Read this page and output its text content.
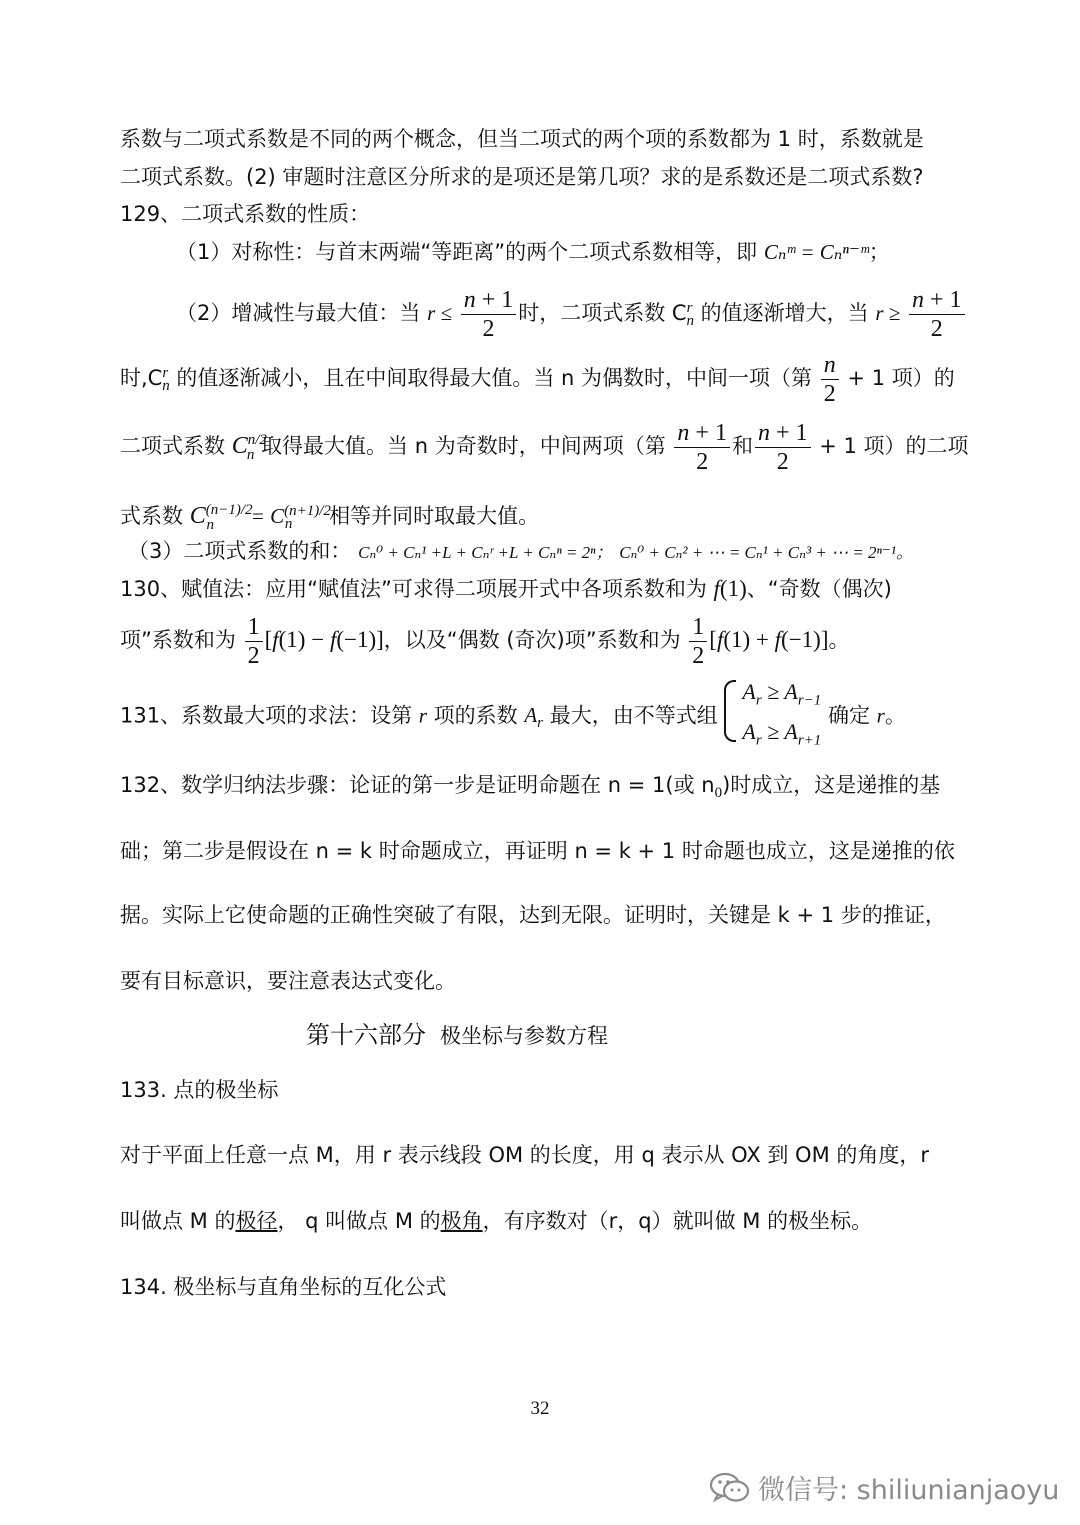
系数与二项式系数是不同的两个概念，但当二项式的两个项的系数都为 1 时，系数就是
二项式系数。(2) 审题时注意区分所求的是项还是第几项？求的是系数还是二项式系数?
129、二项式系数的性质：
（1）对称性：与首末两端“等距离”的两个二项式系数相等，即 Cₙᵐ = Cₙⁿ⁻ᵐ；
（2）增减性与最大值：当 $r \le \frac{n + 1}{2}$ 时，二项式系数 $C^r_n$ 的值逐渐增大，当 $r \ge \frac{n + 1}{2}$
时$,C^r_n$ 的值逐渐减小，且在中间取得最大值。当 n 为偶数时，中间一项（第 $\frac{n}{2} + 1$ 项）的
二项式系数 $C^{n/2}_n$ 取得最大值。当 n 为奇数时，中间两项（第 $\frac{n + 1}{2}$ 和 $\frac{n + 1}{2} + 1$ 项）的二项
式系数 $C^{(n-1)/2}_n = C^{(n+1)/2}_n$ 相等并同时取最大值。
（3）二项式系数的和： Cₙ⁰ + Cₙ¹ +L + Cₙʳ +L + Cₙⁿ = 2ⁿ； Cₙ⁰ + Cₙ² + ⋯ = Cₙ¹ + Cₙ³ + ⋯ = 2ⁿ⁻¹。
130、赋值法：应用“赋值法”可求得二项展开式中各项系数和为 f(1)、“奇数（偶次)
项”系数和为 $\frac{1}{2} [f(1) - f(-1)]$，以及“偶数 (奇次)项”系数和为 $\frac{1}{2} [f(1) + f(-1)]$。
131、系数最大项的求法：设第 r 项的系数 $A_r$ 最大，由不等式组
$A_r \ge A_{r-1}$
$A_r \ge A_{r+1}$
确定 r。
132、数学归纳法步骤：论证的第一步是证明命题在 n = 1(或 $n_0$)时成立，这是递推的基
础；第二步是假设在 n = k 时命题成立，再证明 n = k + 1 时命题也成立，这是递推的依
据。实际上它使命题的正确性突破了有限，达到无限。证明时，关键是 k + 1 步的推证，
要有目标意识，要注意表达式变化。
第十六部分 极坐标与参数方程
133. 点的极坐标
对于平面上任意一点 M，用 r 表示线段 OM 的长度，用 q 表示从 OX 到 OM 的角度，r
叫做点 M 的极径， q 叫做点 M 的极角，有序数对（r，q）就叫做 M 的极坐标。
134. 极坐标与直角坐标的互化公式
32
微信号: shiliunianjaoyu
